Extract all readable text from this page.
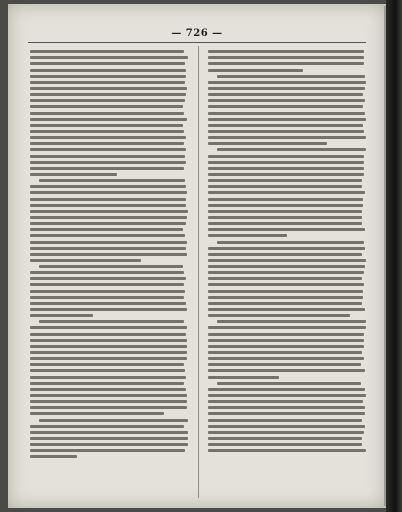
— 726 —
